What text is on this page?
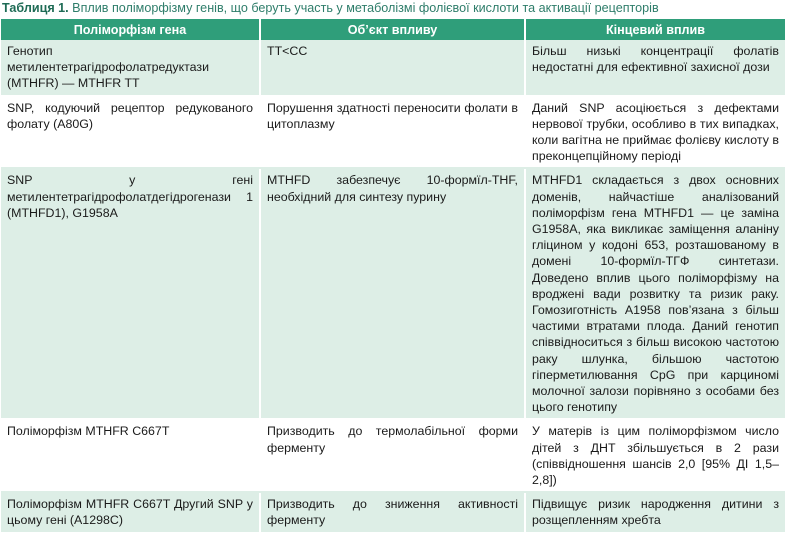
Таблиця 1. Вплив поліморфізму генів, що беруть участь у метаболізмі фолієвої кислоти та активації рецепторів
Поліморфізм гена	Об’єкт впливу	Кінцевий вплив
Генотип метилентетрагідрофолатредуктази (MTHFR) — MTHFR TT	TT<CC	Більш низькі концентрації фолатів недостатні для ефективної захисної дози
SNP, кодуючий рецептор редукованого фолату (A80G)	Порушення здатності переносити фолати в цитоплазму	Даний SNP асоціюється з дефектами нервової трубки, особливо в тих випадках, коли вагітна не приймає фолієву кислоту в преконцепційному періоді
SNP у гені метилентетрагідрофолатдегідрогенази 1 (MTHFD1), G1958A	MTHFD забезпечує 10-формїл-THF, необхідний для синтезу пурину	MTHFD1 складається з двох основних доменів, найчастіше аналізований поліморфізм гена MTHFD1 — це заміна G1958A, яка викликає заміщення аланіну гліцином у кодоні 653, розташованому в домені 10-формїл-ТГФ синтетази. Доведено вплив цього поліморфізму на вроджені вади розвитку та ризик раку. Гомозиготність A1958 пов’язана з більш частими втратами плода. Даний генотип співвідноситься з більш високою частотою раку шлунка, більшою частотою гіперметилювання CpG при карциномі молочної залози порівняно з особами без цього генотипу
Поліморфізм MTHFR C667T	Призводить до термолабільної форми ферменту	У матерів із цим поліморфізмом число дітей з ДНТ збільшується в 2 рази (співвідношення шансів 2,0 [95% ДІ 1,5–2,8])
Поліморфізм MTHFR C667T Другий SNP у цьому гені (A1298C)	Призводить до зниження активності ферменту	Підвищує ризик народження дитини з розщепленням хребта
